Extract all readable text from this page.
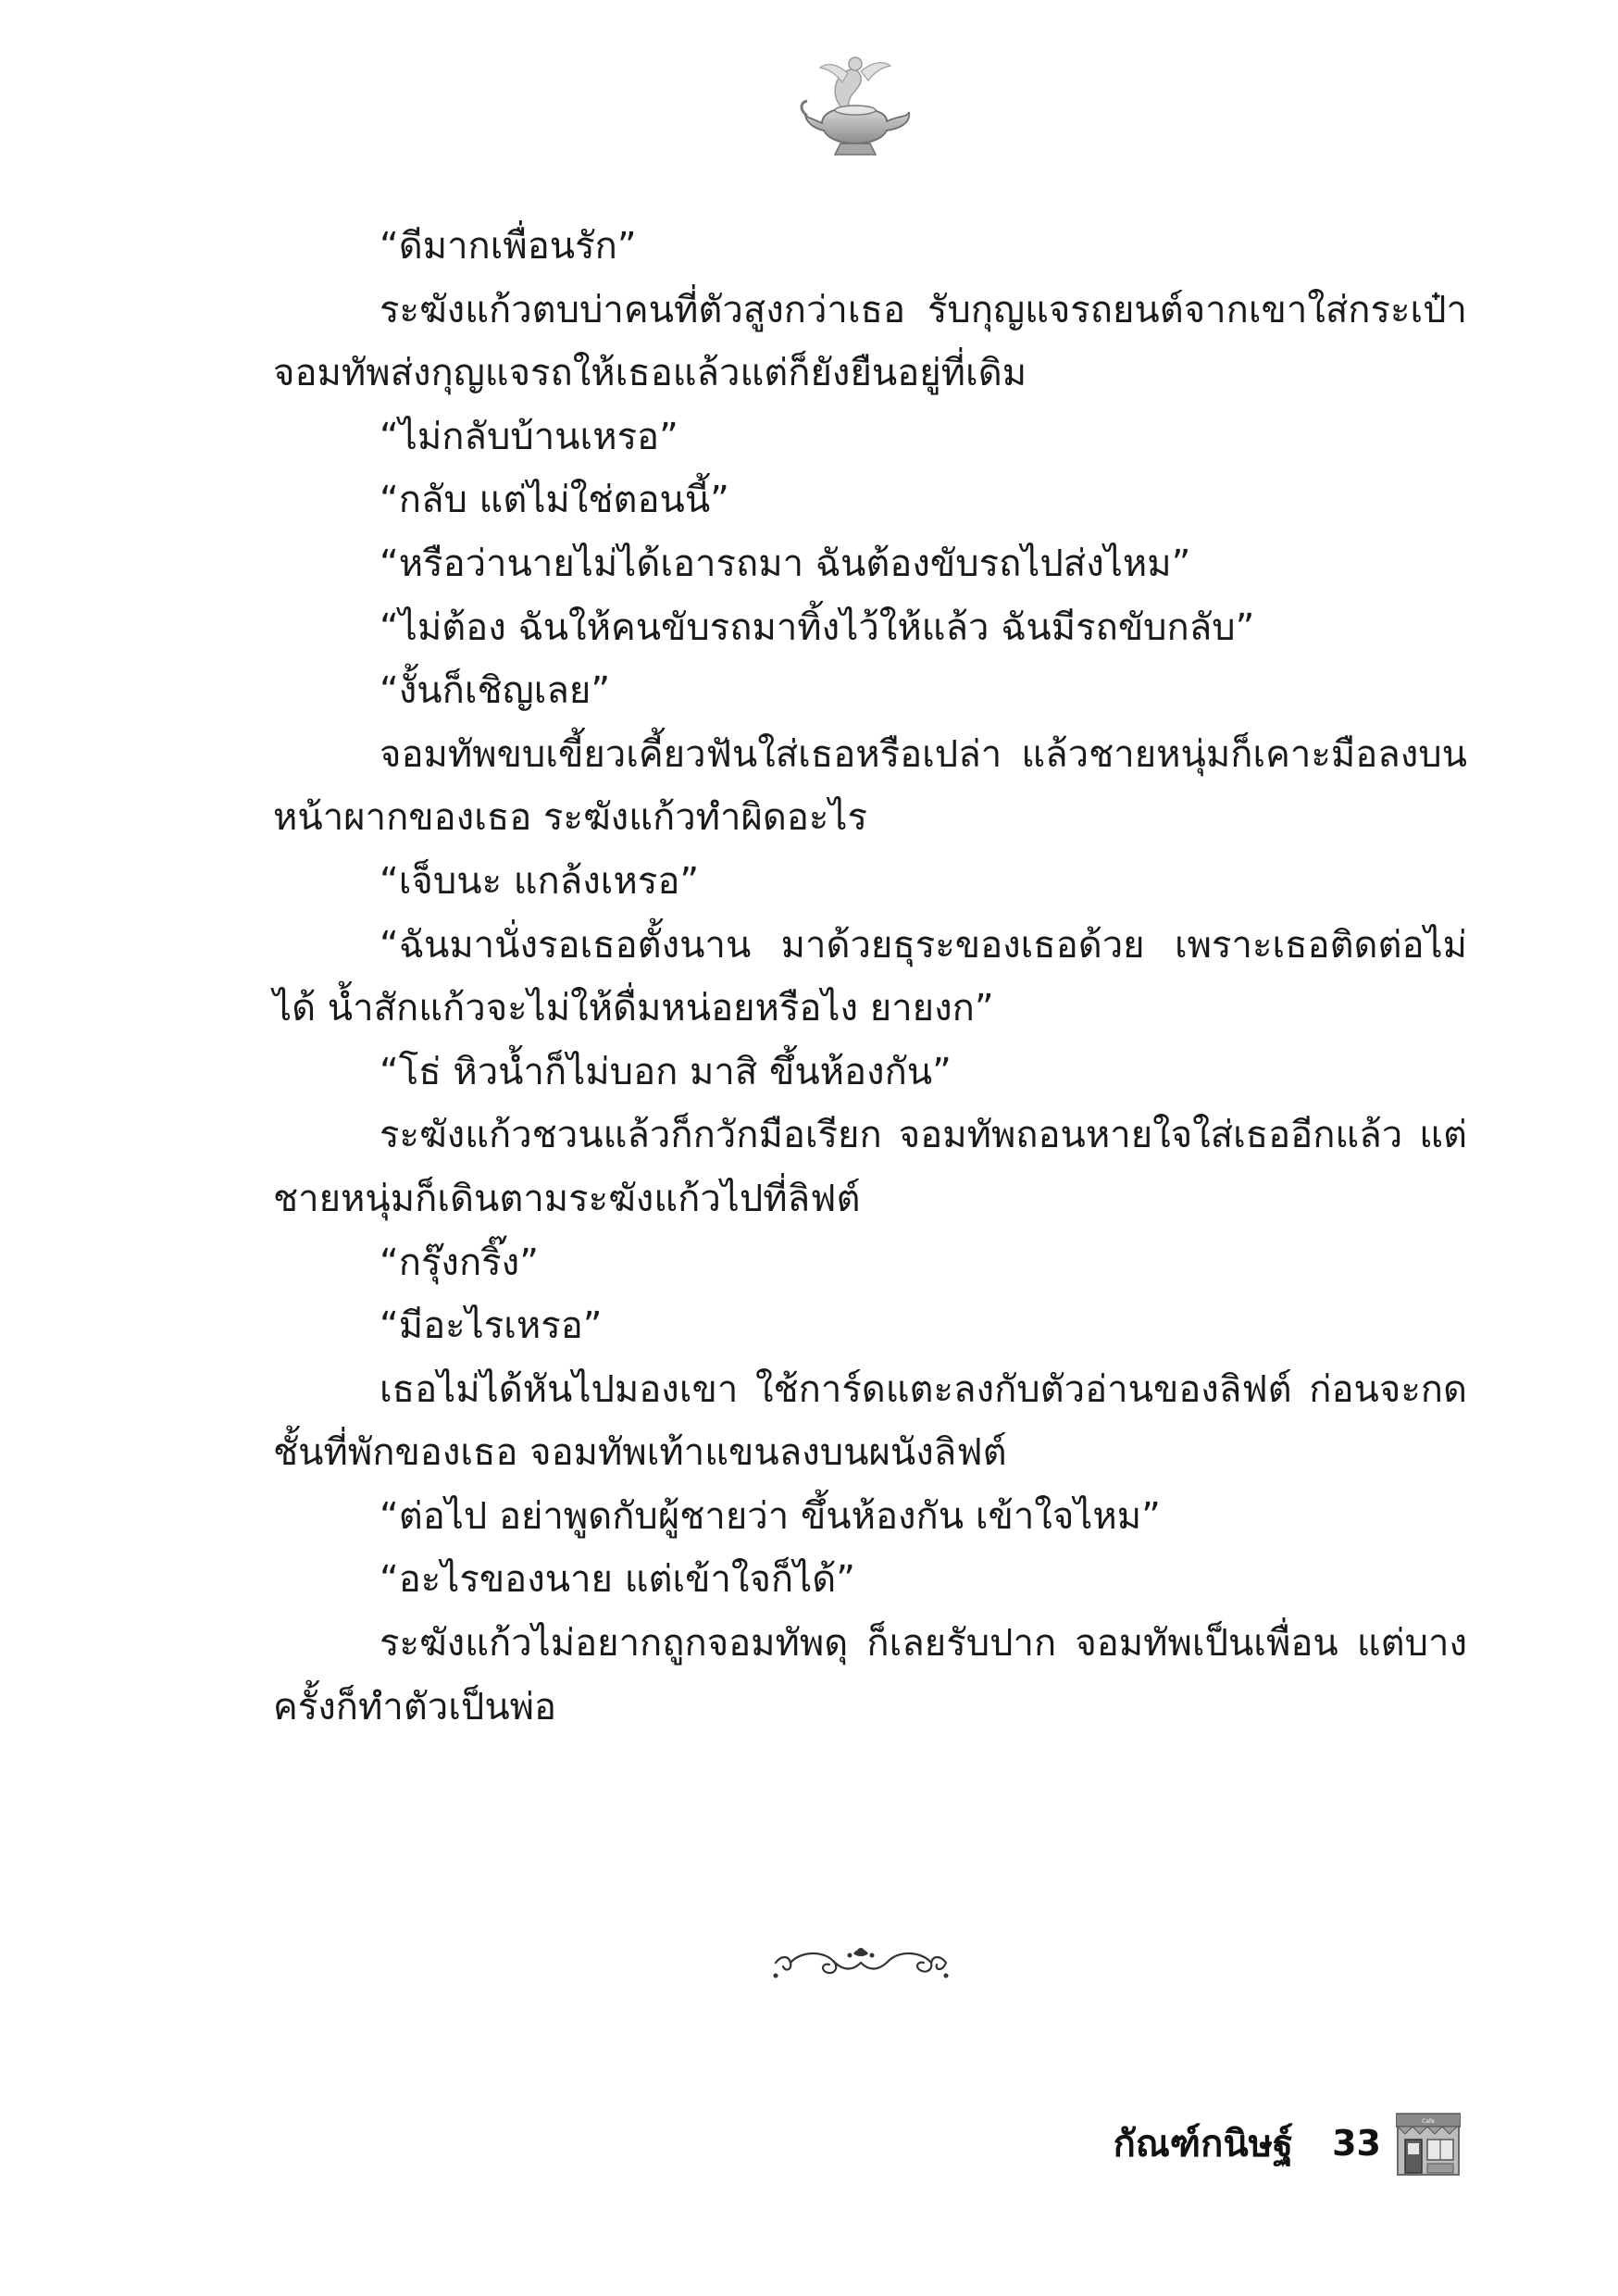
“ดีมากเพื่อนรัก”

ระฆังแก้วตบบ่าคนที่ตัวสูงกว่าเธอ รับกุญแจรถยนต์จากเขาใส่กระเป๋า จอมทัพส่งกุญแจรถให้เธอแล้วแต่ก็ยังยืนอยู่ที่เดิม

“ไม่กลับบ้านเหรอ”

“กลับ แต่ไม่ใช่ตอนนี้”

“หรือว่านายไม่ได้เอารถมา ฉันต้องขับรถไปส่งไหม”

“ไม่ต้อง ฉันให้คนขับรถมาทิ้งไว้ให้แล้ว ฉันมีรถขับกลับ”

“งั้นก็เชิญเลย”

จอมทัพขบเขี้ยวเคี้ยวฟันใส่เธอหรือเปล่า แล้วชายหนุ่มก็เคาะมือลงบนหน้าผากของเธอ ระฆังแก้วทำผิดอะไร

“เจ็บนะ แกล้งเหรอ”

“ฉันมานั่งรอเธอตั้งนาน มาด้วยธุระของเธอด้วย เพราะเธอติดต่อไม่ได้ น้ำสักแก้วจะไม่ให้ดื่มหน่อยหรือไง ยายงก”

“โธ่ หิวน้ำก็ไม่บอก มาสิ ขึ้นห้องกัน”

ระฆังแก้วชวนแล้วก็กวักมือเรียก จอมทัพถอนหายใจใส่เธออีกแล้ว แต่ชายหนุ่มก็เดินตามระฆังแก้วไปที่ลิฟต์

“กรุ๊งกริ๊ง”

“มีอะไรเหรอ”

เธอไม่ได้หันไปมองเขา ใช้การ์ดแตะลงกับตัวอ่านของลิฟต์ ก่อนจะกดชั้นที่พักของเธอ จอมทัพเท้าแขนลงบนผนังลิฟต์

“ต่อไป อย่าพูดกับผู้ชายว่า ขึ้นห้องกัน เข้าใจไหม”

“อะไรของนาย แต่เข้าใจก็ได้”

ระฆังแก้วไม่อยากถูกจอมทัพดุ ก็เลยรับปาก จอมทัพเป็นเพื่อน แต่บางครั้งก็ทำตัวเป็นพ่อ

กัณฑ์กนิษฐ์ 33
Cafe
